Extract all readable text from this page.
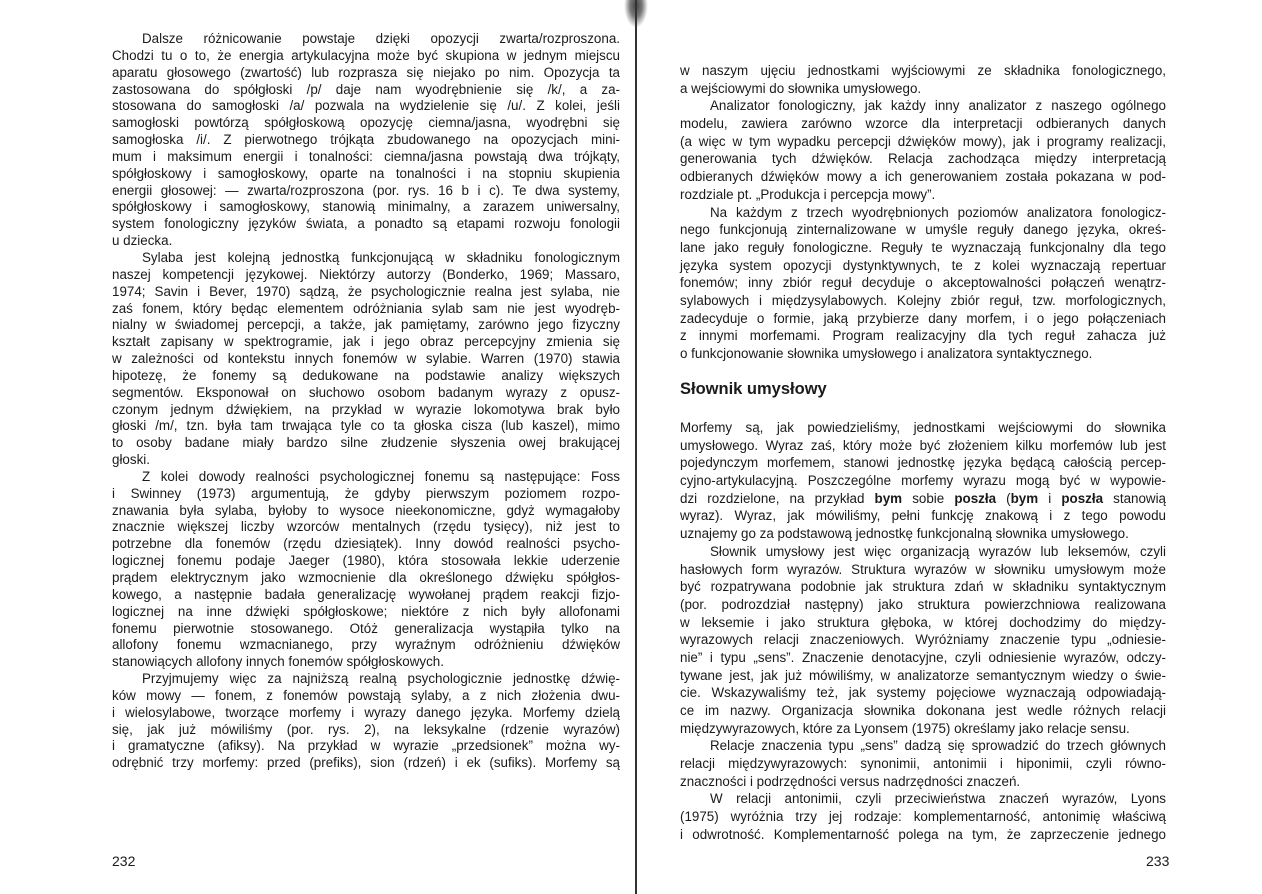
Dalsze różnicowanie powstaje dzięki opozycji zwarta/rozproszona.
Chodzi tu o to, że energia artykulacyjna może być skupiona w jednym miejscu
aparatu głosowego (zwartość) lub rozprasza się niejako po nim. Opozycja ta
zastosowana do spółgłoski /p/ daje nam wyodrębnienie się /k/, a za-
stosowana do samogłoski /a/ pozwala na wydzielenie się /u/. Z kolei, jeśli
samogłoski powtórzą spółgłoskową opozycję ciemna/jasna, wyodrębni się
samogłoska /i/. Z pierwotnego trójkąta zbudowanego na opozycjach mini-
mum i maksimum energii i tonalności: ciemna/jasna powstają dwa trójkąty,
spółgłoskowy i samogłoskowy, oparte na tonalności i na stopniu skupienia
energii głosowej: — zwarta/rozproszona (por. rys. 16 b i c). Te dwa systemy,
spółgłoskowy i samogłoskowy, stanowią minimalny, a zarazem uniwersalny,
system fonologiczny języków świata, a ponadto są etapami rozwoju fonologii
u dziecka.
Sylaba jest kolejną jednostką funkcjonującą w składniku fonologicznym
naszej kompetencji językowej. Niektórzy autorzy (Bonderko, 1969; Massaro,
1974; Savin i Bever, 1970) sądzą, że psychologicznie realna jest sylaba, nie
zaś fonem, który będąc elementem odróżniania sylab sam nie jest wyodręb-
nialny w świadomej percepcji, a także, jak pamiętamy, zarówno jego fizyczny
kształt zapisany w spektrogramie, jak i jego obraz percepcyjny zmienia się
w zależności od kontekstu innych fonemów w sylabie. Warren (1970) stawia
hipotezę, że fonemy są dedukowane na podstawie analizy większych
segmentów. Eksponował on słuchowo osobom badanym wyrazy z opusz-
czonym jednym dźwiękiem, na przykład w wyrazie lokomotywa brak było
głoski /m/, tzn. była tam trwająca tyle co ta głoska cisza (lub kaszel), mimo
to osoby badane miały bardzo silne złudzenie słyszenia owej brakującej
głoski.
Z kolei dowody realności psychologicznej fonemu są następujące: Foss
i Swinney (1973) argumentują, że gdyby pierwszym poziomem rozpo-
znawania była sylaba, byłoby to wysoce nieekonomiczne, gdyż wymagałoby
znacznie większej liczby wzorców mentalnych (rzędu tysięcy), niż jest to
potrzebne dla fonemów (rzędu dziesiątek). Inny dowód realności psycho-
logicznej fonemu podaje Jaeger (1980), która stosowała lekkie uderzenie
prądem elektrycznym jako wzmocnienie dla określonego dźwięku spółgłos-
kowego, a następnie badała generalizację wywołanej prądem reakcji fizjo-
logicznej na inne dźwięki spółgłoskowe; niektóre z nich były allofonami
fonemu pierwotnie stosowanego. Otóż generalizacja wystąpiła tylko na
allofony fonemu wzmacnianego, przy wyraźnym odróżnieniu dźwięków
stanowiących allofony innych fonemów spółgłoskowych.
Przyjmujemy więc za najniższą realną psychologicznie jednostkę dźwię-
ków mowy — fonem, z fonemów powstają sylaby, a z nich złożenia dwu-
i wielosylabowe, tworzące morfemy i wyrazy danego języka. Morfemy dzielą
się, jak już mówiliśmy (por. rys. 2), na leksykalne (rdzenie wyrazów)
i gramatyczne (afiksy). Na przykład w wyrazie „przedsionek” można wy-
odrębnić trzy morfemy: przed (prefiks), sion (rdzeń) i ek (sufiks). Morfemy są
w naszym ujęciu jednostkami wyjściowymi ze składnika fonologicznego,
a wejściowymi do słownika umysłowego.
Analizator fonologiczny, jak każdy inny analizator z naszego ogólnego
modelu, zawiera zarówno wzorce dla interpretacji odbieranych danych
(a więc w tym wypadku percepcji dźwięków mowy), jak i programy realizacji,
generowania tych dźwięków. Relacja zachodząca między interpretacją
odbieranych dźwięków mowy a ich generowaniem została pokazana w pod-
rozdziale pt. „Produkcja i percepcja mowy”.
Na każdym z trzech wyodrębnionych poziomów analizatora fonologicz-
nego funkcjonują zinternalizowane w umyśle reguły danego języka, okreś-
lane jako reguły fonologiczne. Reguły te wyznaczają funkcjonalny dla tego
języka system opozycji dystynktywnych, te z kolei wyznaczają repertuar
fonemów; inny zbiór reguł decyduje o akceptowalności połączeń wenątrz-
sylabowych i międzysylabowych. Kolejny zbiór reguł, tzw. morfologicznych,
zadecyduje o formie, jaką przybierze dany morfem, i o jego połączeniach
z innymi morfemami. Program realizacyjny dla tych reguł zahacza już
o funkcjonowanie słownika umysłowego i analizatora syntaktycznego.
Słownik umysłowy
Morfemy są, jak powiedzieliśmy, jednostkami wejściowymi do słownika
umysłowego. Wyraz zaś, który może być złożeniem kilku morfemów lub jest
pojedynczym morfemem, stanowi jednostkę języka będącą całością percep-
cyjno-artykulacyjną. Poszczególne morfemy wyrazu mogą być w wypowie-
dzi rozdzielone, na przykład bym sobie poszła (bym i poszła stanowią
wyraz). Wyraz, jak mówiliśmy, pełni funkcję znakową i z tego powodu
uznajemy go za podstawową jednostkę funkcjonalną słownika umysłowego.
Słownik umysłowy jest więc organizacją wyrazów lub leksemów, czyli
hasłowych form wyrazów. Struktura wyrazów w słowniku umysłowym może
być rozpatrywana podobnie jak struktura zdań w składniku syntaktycznym
(por. podrozdział następny) jako struktura powierzchniowa realizowana
w leksemie i jako struktura głęboka, w której dochodzimy do między-
wyrazowych relacji znaczeniowych. Wyróżniamy znaczenie typu „odniesie-
nie” i typu „sens”. Znaczenie denotacyjne, czyli odniesienie wyrazów, odczy-
tywane jest, jak już mówiliśmy, w analizatorze semantycznym wiedzy o świe-
cie. Wskazywaliśmy też, jak systemy pojęciowe wyznaczają odpowiadają-
ce im nazwy. Organizacja słownika dokonana jest wedle różnych relacji
międzywyrazowych, które za Lyonsem (1975) określamy jako relacje sensu.
Relacje znaczenia typu „sens” dadzą się sprowadzić do trzech głównych
relacji międzywyrazowych: synonimii, antonimii i hiponimii, czyli równo-
znaczności i podrzędności versus nadrzędności znaczeń.
W relacji antonimii, czyli przeciwieństwa znaczeń wyrazów, Lyons
(1975) wyróżnia trzy jej rodzaje: komplementarność, antonimię właściwą
i odwrotność. Komplementarność polega na tym, że zaprzeczenie jednego
232	233
